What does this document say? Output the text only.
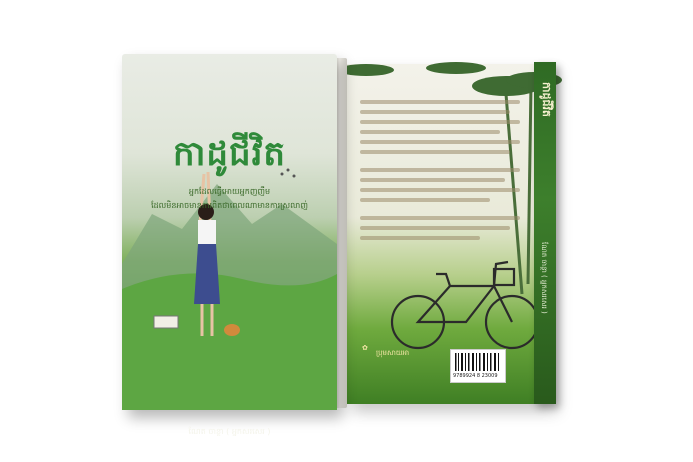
✿
ប្រុមសាយអា
9789924 8 23009
កាដូជីវិត
ណែត ចាន្ថា ( អ្នកសរសេរ )
កាដូជីវិត
អ្នកដែលធ្វើអោយអ្នកញញឹម
ដែលមិនអាចមានការពិតថាពេលណាមានការស្រលាញ់
ណែត​ ចាន្ថា ( អ្នកសរសេរ )
